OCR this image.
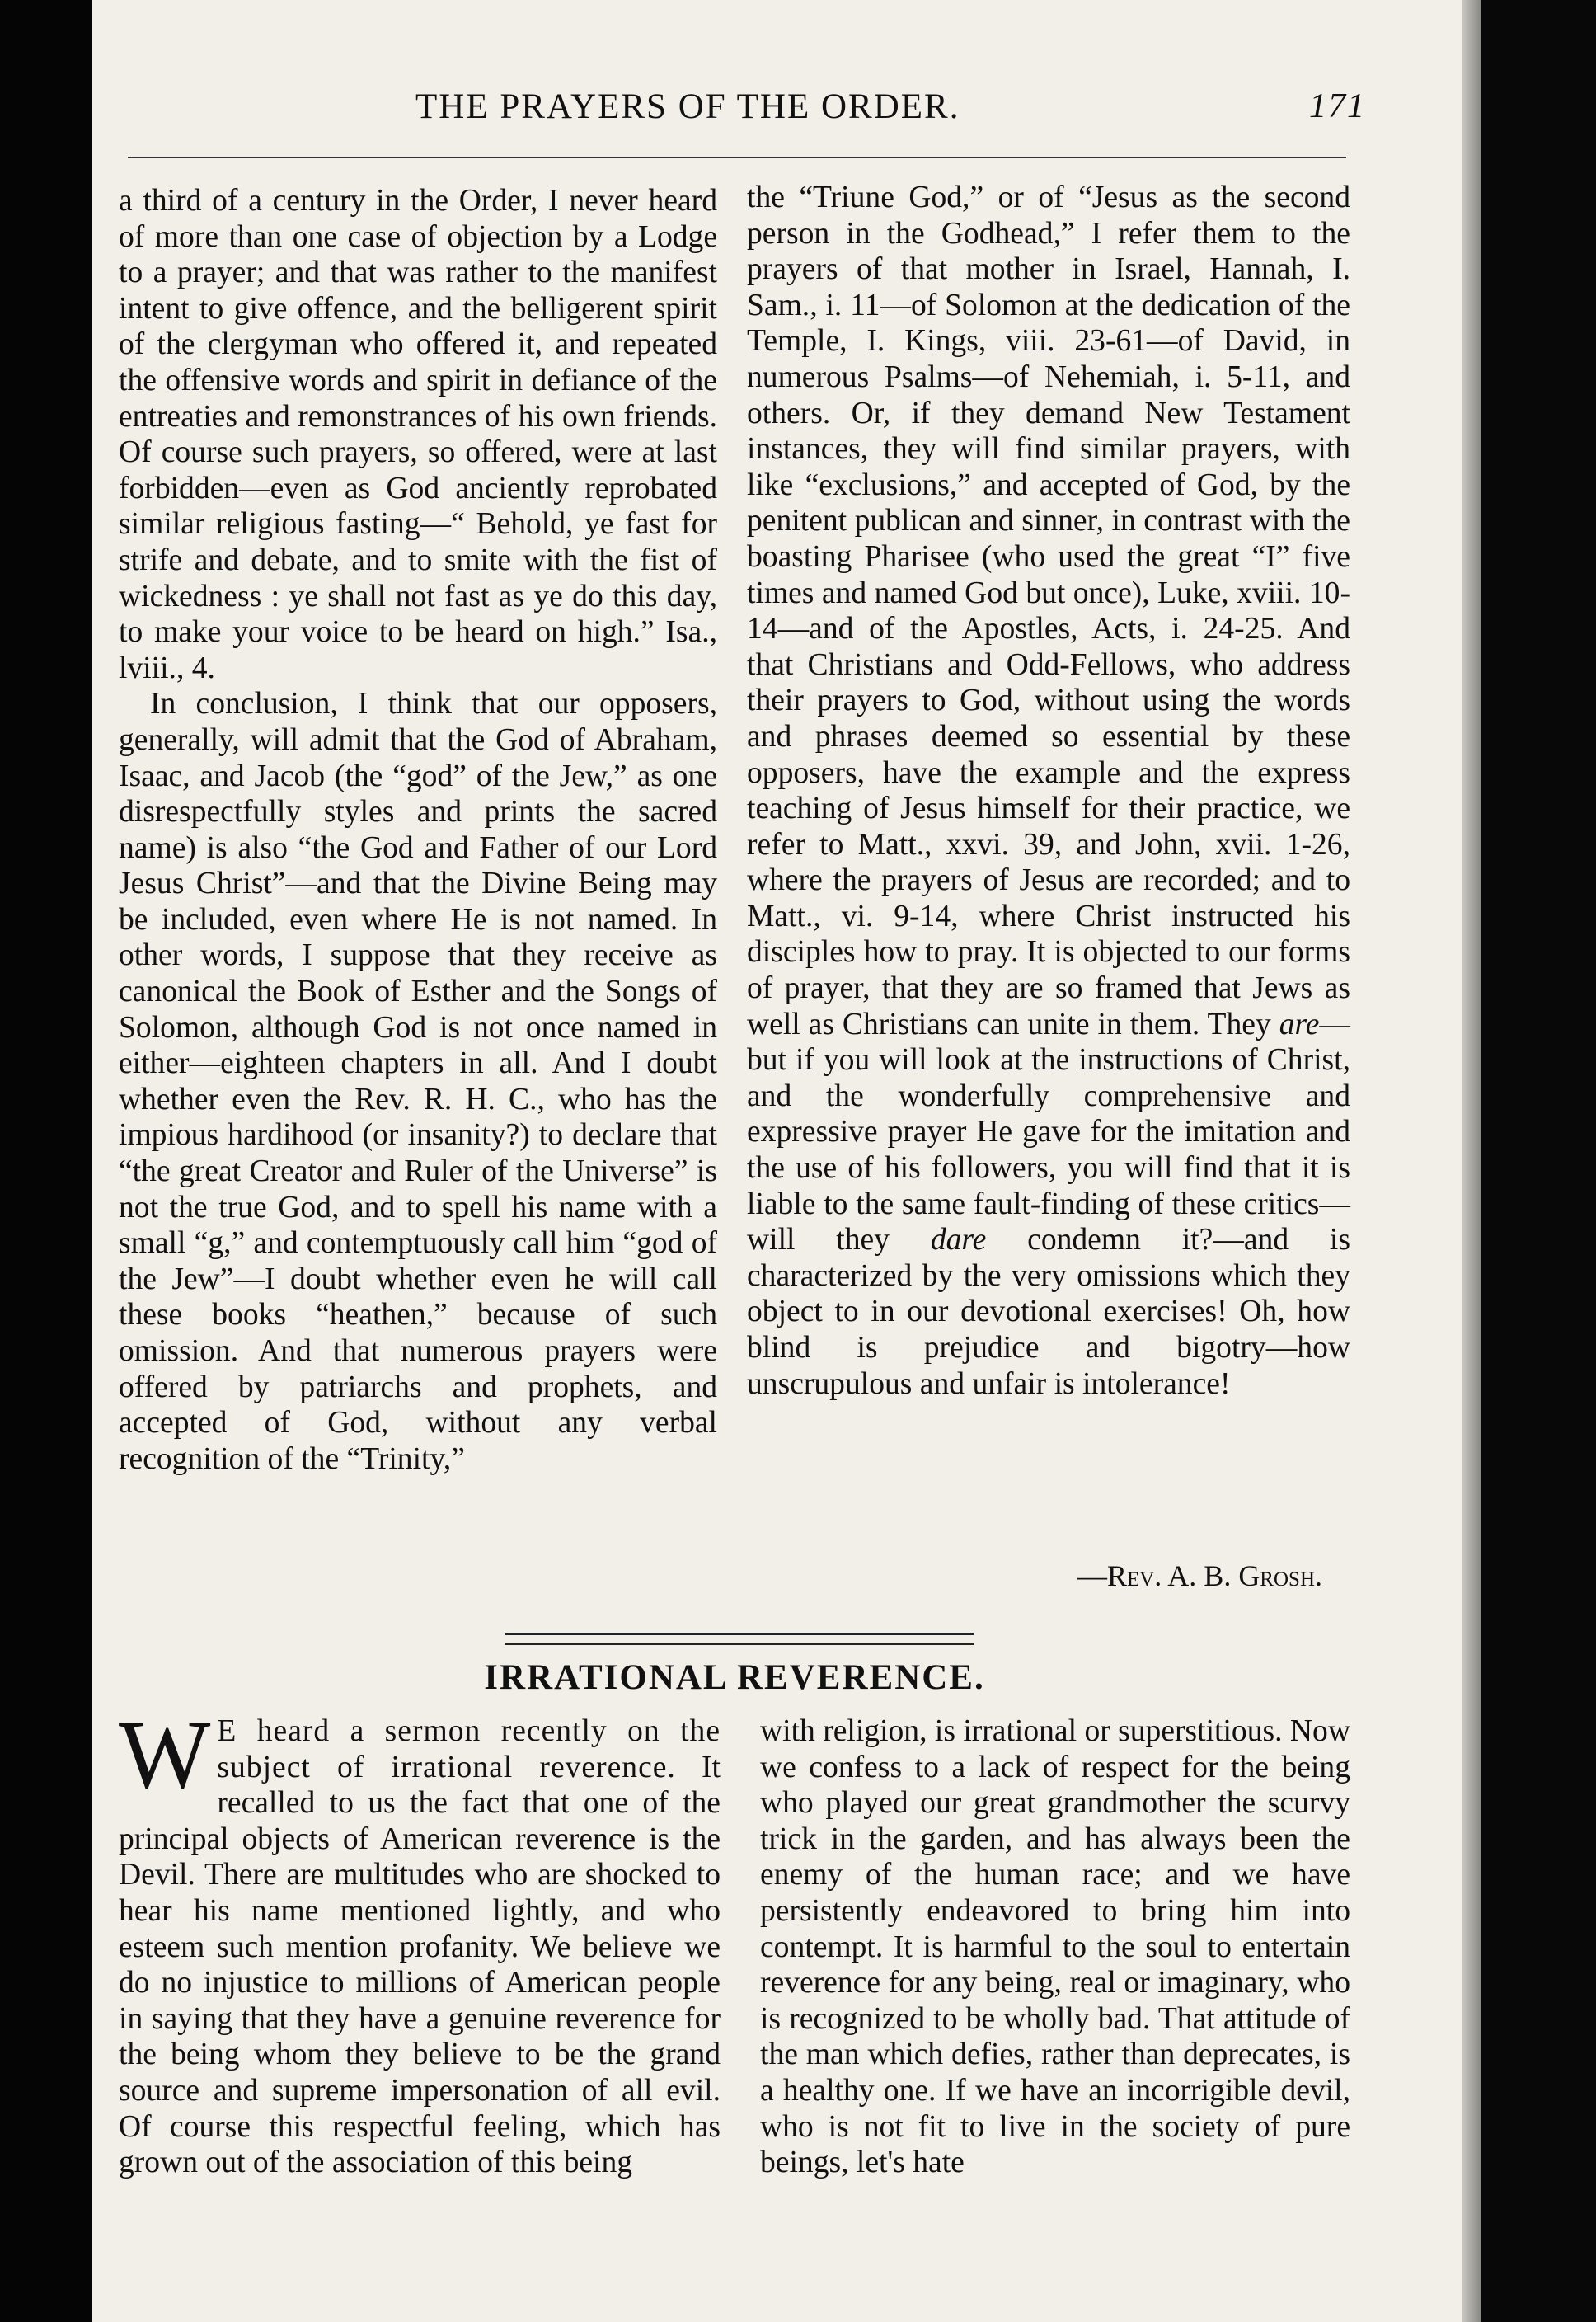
THE PRAYERS OF THE ORDER.	171

a third of a century in the Order, I never heard of more than one case of objection by a Lodge to a prayer; and that was rather to the manifest intent to give offence, and the belligerent spirit of the clergyman who offered it, and repeated the offensive words and spirit in defiance of the entreaties and remonstrances of his own friends. Of course such prayers, so offered, were at last forbidden—even as God anciently reprobated similar religious fasting—“ Behold, ye fast for strife and debate, and to smite with the fist of wickedness : ye shall not fast as ye do this day, to make your voice to be heard on high.” Isa., lviii., 4.

In conclusion, I think that our opposers, generally, will admit that the God of Abraham, Isaac, and Jacob (the “god” of the Jew,” as one disrespectfully styles and prints the sacred name) is also “the God and Father of our Lord Jesus Christ”—and that the Divine Being may be included, even where He is not named. In other words, I suppose that they receive as canonical the Book of Esther and the Songs of Solomon, although God is not once named in either—eighteen chapters in all. And I doubt whether even the Rev. R. H. C., who has the impious hardihood (or insanity?) to declare that “the great Creator and Ruler of the Universe” is not the true God, and to spell his name with a small “g,” and contemptuously call him “god of the Jew”—I doubt whether even he will call these books “heathen,” because of such omission. And that numerous prayers were offered by patriarchs and prophets, and accepted of God, without any verbal recognition of the “Trinity,”

the “Triune God,” or of “Jesus as the second person in the Godhead,” I refer them to the prayers of that mother in Israel, Hannah, I. Sam., i. 11—of Solomon at the dedication of the Temple, I. Kings, viii. 23-61—of David, in numerous Psalms—of Nehemiah, i. 5-11, and others. Or, if they demand New Testament instances, they will find similar prayers, with like “exclusions,” and accepted of God, by the penitent publican and sinner, in contrast with the boasting Pharisee (who used the great “I” five times and named God but once), Luke, xviii. 10-14—and of the Apostles, Acts, i. 24-25. And that Christians and Odd-Fellows, who address their prayers to God, without using the words and phrases deemed so essential by these opposers, have the example and the express teaching of Jesus himself for their practice, we refer to Matt., xxvi. 39, and John, xvii. 1-26, where the prayers of Jesus are recorded; and to Matt., vi. 9-14, where Christ instructed his disciples how to pray. It is objected to our forms of prayer, that they are so framed that Jews as well as Christians can unite in them. They are—but if you will look at the instructions of Christ, and the wonderfully comprehensive and expressive prayer He gave for the imitation and the use of his followers, you will find that it is liable to the same fault-finding of these critics—will they dare condemn it?—and is characterized by the very omissions which they object to in our devotional exercises! Oh, how blind is prejudice and bigotry—how unscrupulous and unfair is intolerance!

—Rev. A. B. Grosh.
IRRATIONAL REVERENCE.

W E heard a sermon recently on the subject of irrational reverence. It recalled to us the fact that one of the principal objects of American reverence is the Devil. There are multitudes who are shocked to hear his name mentioned lightly, and who esteem such mention profanity. We believe we do no injustice to millions of American people in saying that they have a genuine reverence for the being whom they believe to be the grand source and supreme impersonation of all evil. Of course this respectful feeling, which has grown out of the association of this being

with religion, is irrational or superstitious. Now we confess to a lack of respect for the being who played our great grandmother the scurvy trick in the garden, and has always been the enemy of the human race; and we have persistently endeavored to bring him into contempt. It is harmful to the soul to entertain reverence for any being, real or imaginary, who is recognized to be wholly bad. That attitude of the man which defies, rather than deprecates, is a healthy one. If we have an incorrigible devil, who is not fit to live in the society of pure beings, let's hate
